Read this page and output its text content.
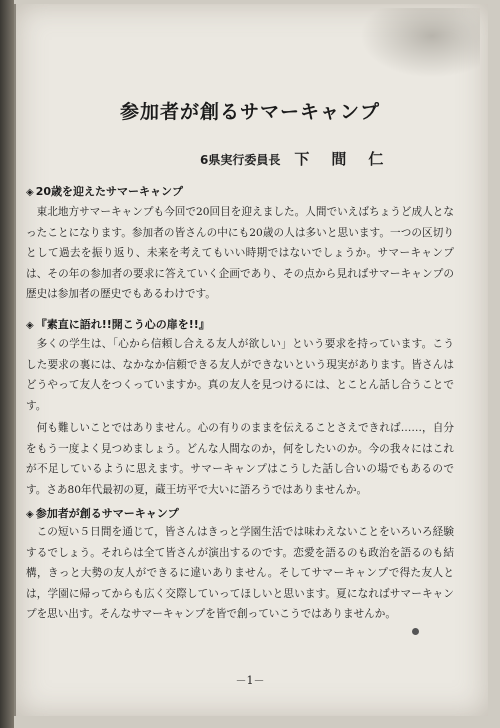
参加者が創るサマーキャンプ
6県実行委員長 下間仁
◈ 20歳を迎えたサマーキャンプ

東北地方サマーキャンプも今回で20回目を迎えました。人間でいえばちょうど成人となったことになります。参加者の皆さんの中にも20歳の人は多いと思います。一つの区切りとして過去を振り返り、未来を考えてもいい時期ではないでしょうか。サマーキャンプは、その年の参加者の要求に答えていく企画であり、その点から見ればサマーキャンプの歴史は参加者の歴史でもあるわけです。

◈ 『素直に語れ!!開こう心の扉を!!』

多くの学生は、「心から信頼し合える友人が欲しい」という要求を持っています。こうした要求の裏には、なかなか信頼できる友人ができないという現実があります。皆さんはどうやって友人をつくっていますか。真の友人を見つけるには、とことん話し合うことです。

何も難しいことではありません。心の有りのままを伝えることさえできれば……，自分をもう一度よく見つめましょう。どんな人間なのか，何をしたいのか。今の我々にはこれが不足しているように思えます。サマーキャンプはこうした話し合いの場でもあるのです。さあ80年代最初の夏，蔵王坊平で大いに語ろうではありませんか。

◈ 参加者が創るサマーキャンプ

この短い５日間を通じて，皆さんはきっと学園生活では味わえないことをいろいろ経験するでしょう。それらは全て皆さんが演出するのです。恋愛を語るのも政治を語るのも結構，きっと大勢の友人ができるに違いありません。そしてサマーキャンプで得た友人とは，学園に帰ってからも広く交際していってほしいと思います。夏になればサマーキャンプを思い出す。そんなサマーキャンプを皆で創っていこうではありませんか。

－1－
